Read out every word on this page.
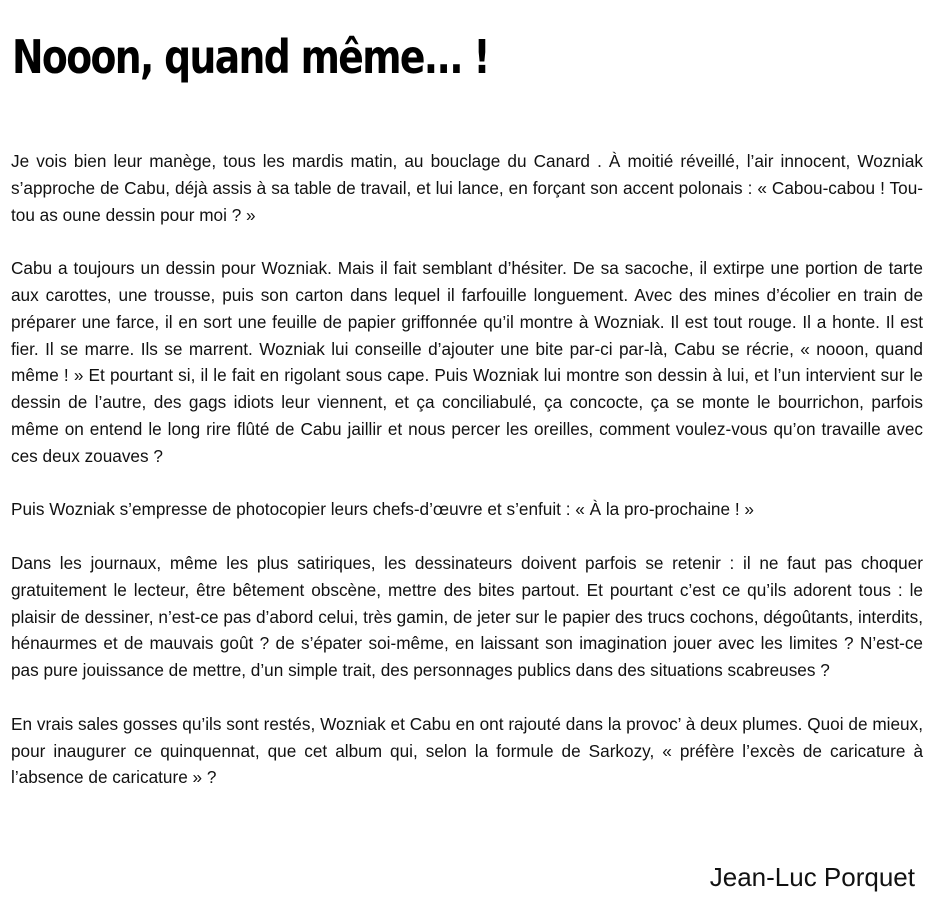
Nooon, quand même... !

Je vois bien leur manège, tous les mardis matin, au bouclage du Canard . À moitié réveillé, l’air innocent, Wozniak s’approche de Cabu, déjà assis à sa table de travail, et lui lance, en forçant son accent polonais : « Cabou-cabou ! Tou-tou as oune dessin pour moi ? »

Cabu a toujours un dessin pour Wozniak. Mais il fait semblant d’hésiter. De sa sacoche, il extirpe une portion de tarte aux carottes, une trousse, puis son carton dans lequel il farfouille longuement. Avec des mines d’écolier en train de préparer une farce, il en sort une feuille de papier griffonnée qu’il montre à Wozniak. Il est tout rouge. Il a honte. Il est fier. Il se marre. Ils se marrent. Wozniak lui conseille d’ajouter une bite par-ci par-là, Cabu se récrie, « nooon, quand même ! » Et pourtant si, il le fait en rigolant sous cape. Puis Wozniak lui montre son dessin à lui, et l’un intervient sur le dessin de l’autre, des gags idiots leur viennent, et ça conciliabulé, ça concocte, ça se monte le bourrichon, parfois même on entend le long rire flûté de Cabu jaillir et nous percer les oreilles, comment voulez-vous qu’on travaille avec ces deux zouaves ?

Puis Wozniak s’empresse de photocopier leurs chefs-d’œuvre et s’enfuit : « À la pro-prochaine ! »

Dans les journaux, même les plus satiriques, les dessinateurs doivent parfois se retenir : il ne faut pas choquer gratuitement le lecteur, être bêtement obscène, mettre des bites partout. Et pourtant c’est ce qu’ils adorent tous : le plaisir de dessiner, n’est-ce pas d’abord celui, très gamin, de jeter sur le papier des trucs cochons, dégoûtants, interdits, hénaurmes et de mauvais goût ? de s’épater soi-même, en laissant son imagination jouer avec les limites ? N’est-ce pas pure jouissance de mettre, d’un simple trait, des personnages publics dans des situations scabreuses ?

En vrais sales gosses qu’ils sont restés, Wozniak et Cabu en ont rajouté dans la provoc’ à deux plumes. Quoi de mieux, pour inaugurer ce quinquennat, que cet album qui, selon la formule de Sarkozy, « préfère l’excès de caricature à l’absence de caricature » ?

Jean-Luc Porquet
